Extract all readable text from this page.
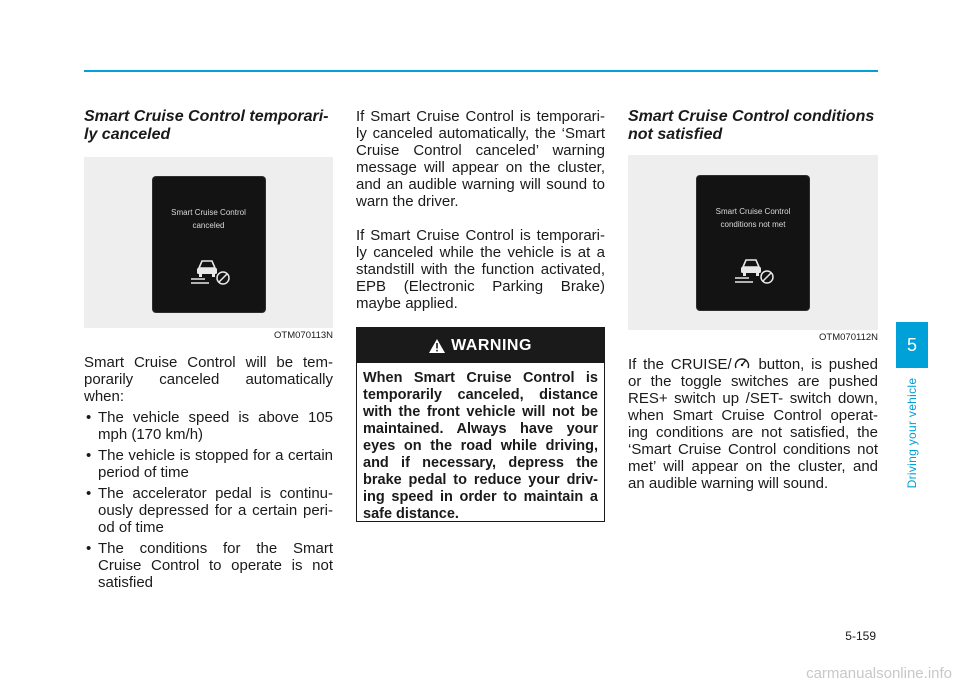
Smart Cruise Control temporari-ly canceled
Smart Cruise Control
canceled
OTM070113N

Smart Cruise Control will be tem-porarily canceled automatically when:

• The vehicle speed is above 105 mph (170 km/h)
• The vehicle is stopped for a certain period of time
• The accelerator pedal is continu-ously depressed for a certain peri-od of time
• The conditions for the Smart Cruise Control to operate is not satisfied

If Smart Cruise Control is temporari-ly canceled automatically, the ‘Smart Cruise Control canceled’ warning message will appear on the cluster, and an audible warning will sound to warn the driver.

If Smart Cruise Control is temporari-ly canceled while the vehicle is at a standstill with the function activated, EPB (Electronic Parking Brake) maybe applied.

WARNING
When Smart Cruise Control is temporarily canceled, distance with the front vehicle will not be maintained. Always have your eyes on the road while driving, and if necessary, depress the brake pedal to reduce your driv-ing speed in order to maintain a safe distance.
Smart Cruise Control conditions not satisfied
Smart Cruise Control
conditions not met
OTM070112N

If the CRUISE/ button, is pushed or the toggle switches are pushed RES+ switch up /SET- switch down, when Smart Cruise Control operat-ing conditions are not satisfied, the ‘Smart Cruise Control conditions not met’ will appear on the cluster, and an audible warning will sound.

5
Driving your vehicle
5-159
carmanualsonline.info
